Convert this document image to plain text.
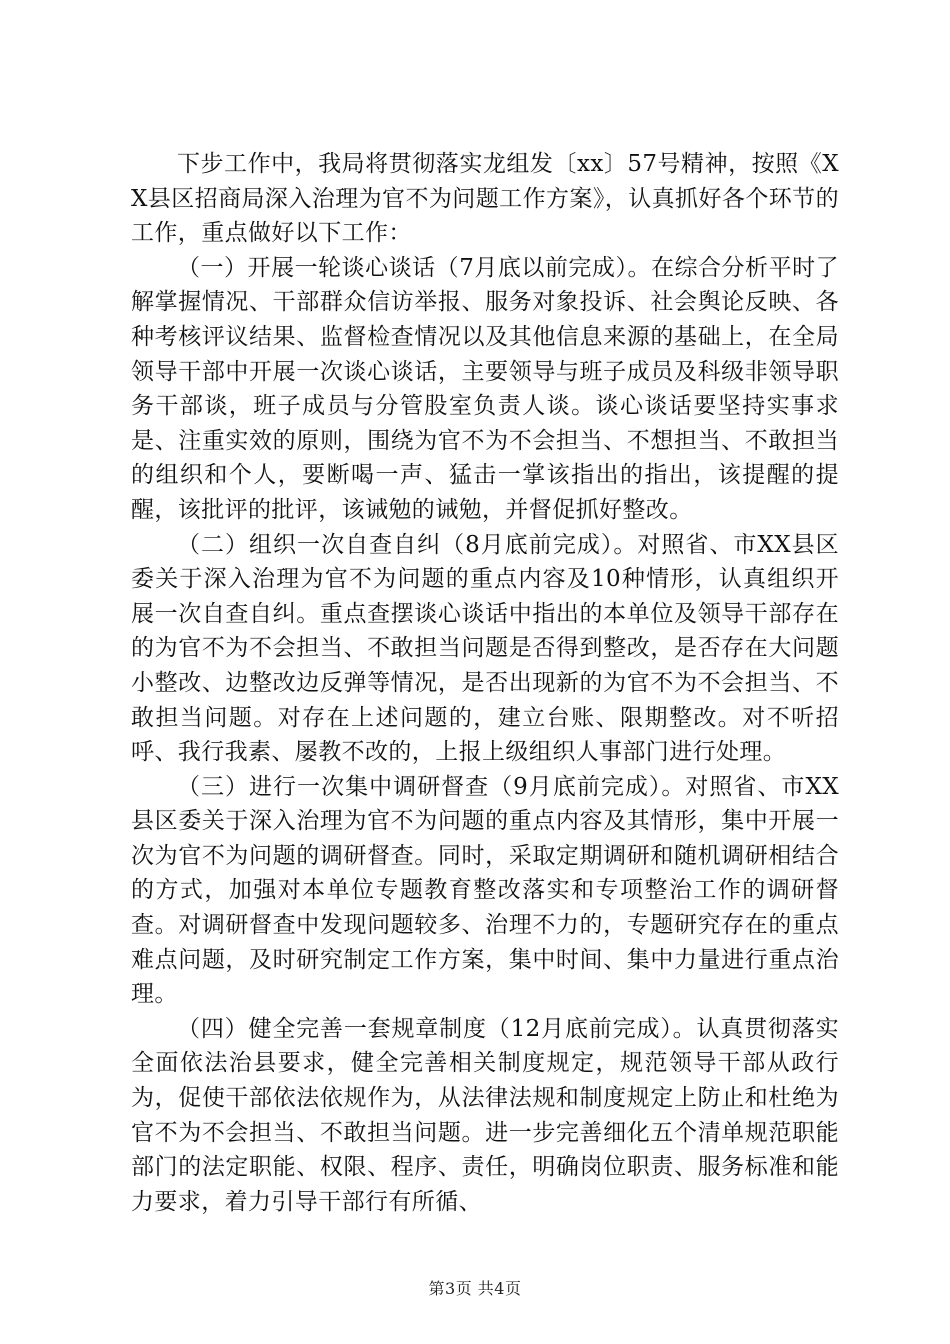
下步工作中，我局将贯彻落实龙组发〔xx〕57号精神，按照《XX县区招商局深入治理为官不为问题工作方案》，认真抓好各个环节的工作，重点做好以下工作：

（一）开展一轮谈心谈话（7月底以前完成）。在综合分析平时了解掌握情况、干部群众信访举报、服务对象投诉、社会舆论反映、各种考核评议结果、监督检查情况以及其他信息来源的基础上，在全局领导干部中开展一次谈心谈话，主要领导与班子成员及科级非领导职务干部谈，班子成员与分管股室负责人谈。谈心谈话要坚持实事求是、注重实效的原则，围绕为官不为不会担当、不想担当、不敢担当的组织和个人，要断喝一声、猛击一掌该指出的指出，该提醒的提醒，该批评的批评，该诫勉的诫勉，并督促抓好整改。

（二）组织一次自查自纠（8月底前完成）。对照省、市XX县区委关于深入治理为官不为问题的重点内容及10种情形，认真组织开展一次自查自纠。重点查摆谈心谈话中指出的本单位及领导干部存在的为官不为不会担当、不敢担当问题是否得到整改，是否存在大问题小整改、边整改边反弹等情况，是否出现新的为官不为不会担当、不敢担当问题。对存在上述问题的，建立台账、限期整改。对不听招呼、我行我素、屡教不改的，上报上级组织人事部门进行处理。

（三）进行一次集中调研督查（9月底前完成）。对照省、市XX县区委关于深入治理为官不为问题的重点内容及其情形，集中开展一次为官不为问题的调研督查。同时，采取定期调研和随机调研相结合的方式，加强对本单位专题教育整改落实和专项整治工作的调研督查。对调研督查中发现问题较多、治理不力的，专题研究存在的重点难点问题，及时研究制定工作方案，集中时间、集中力量进行重点治理。

（四）健全完善一套规章制度（12月底前完成）。认真贯彻落实全面依法治县要求，健全完善相关制度规定，规范领导干部从政行为，促使干部依法依规作为，从法律法规和制度规定上防止和杜绝为官不为不会担当、不敢担当问题。进一步完善细化五个清单规范职能部门的法定职能、权限、程序、责任，明确岗位职责、服务标准和能力要求，着力引导干部行有所循、

第3页 共4页
